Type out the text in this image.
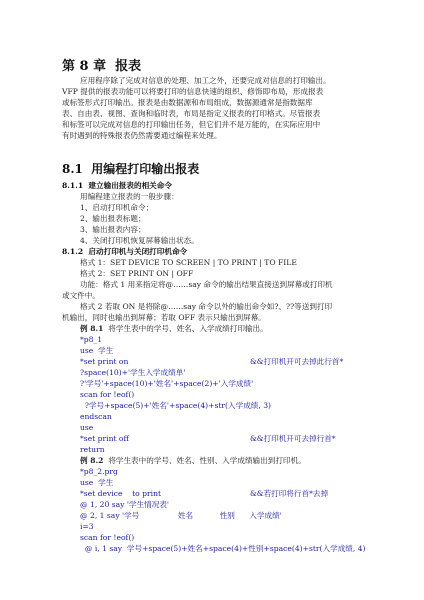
第 8 章  报表
应用程序除了完成对信息的处理、加工之外，还要完成对信息的打印输出。
VFP 提供的报表功能可以将要打印的信息快速的组织、修饰即布局，形成报表
或标签形式打印输出。报表是由数据源和布局组成，数据源通常是指数据库
表、自由表、视图、查询和临时表，布局是指定义报表的打印格式。尽管报表
和标签可以完成对信息的打印输出任务，但它们并不是万能的，在实际应用中
有时遇到的特殊报表仍然需要通过编程来处理。
8.1  用编程打印输出报表
8.1.1  建立输出报表的相关命令
用编程建立报表的一般步骤：
1、启动打印机命令；
2、输出报表标题；
3、输出报表内容；
4、关闭打印机恢复屏幕输出状态。
8.1.2  启动打印机与关闭打印机命令
格式 1：SET DEVICE TO SCREEN | TO PRINT | TO FILE
格式 2：SET PRINT ON | OFF
功能：格式 1 用来指定将@……say 命令的输出结果直接送到屏幕或打印机
或文件中。
格式 2 若取 ON 是将除@……say 命令以外的输出命令如?、??等送到打印
机输出，同时也输出到屏幕；若取 OFF 表示只输出到屏幕。
例 8.1 将学生表中的学号、姓名、入学成绩打印输出。
*p8_1
use  学生
*set print on	&&打印机开可去掉此行首*
?space(10)+'学生入学成绩单'
?'学号'+space(10)+'姓名'+space(2)+'入学成绩'
scan for !eof()
?学号+space(5)+'姓名'+space(4)+str(入学成绩, 3)
endscan
use
*set print off	&&打印机开可去掉行首*
return
例 8.2 将学生表中的学号、姓名、性别、入学成绩输出到打印机。
*p8_2.prg
use  学生
*set device    to print	&&若打印将行首*去掉
@ 1, 20 say '学生情况表'
@ 2, 1 say '学号                姓名           性别      入学成绩'
i=3
scan for !eof()
@ i, 1 say  学号+space(5)+姓名+space(4)+性别+space(4)+str(入学成绩, 4)
